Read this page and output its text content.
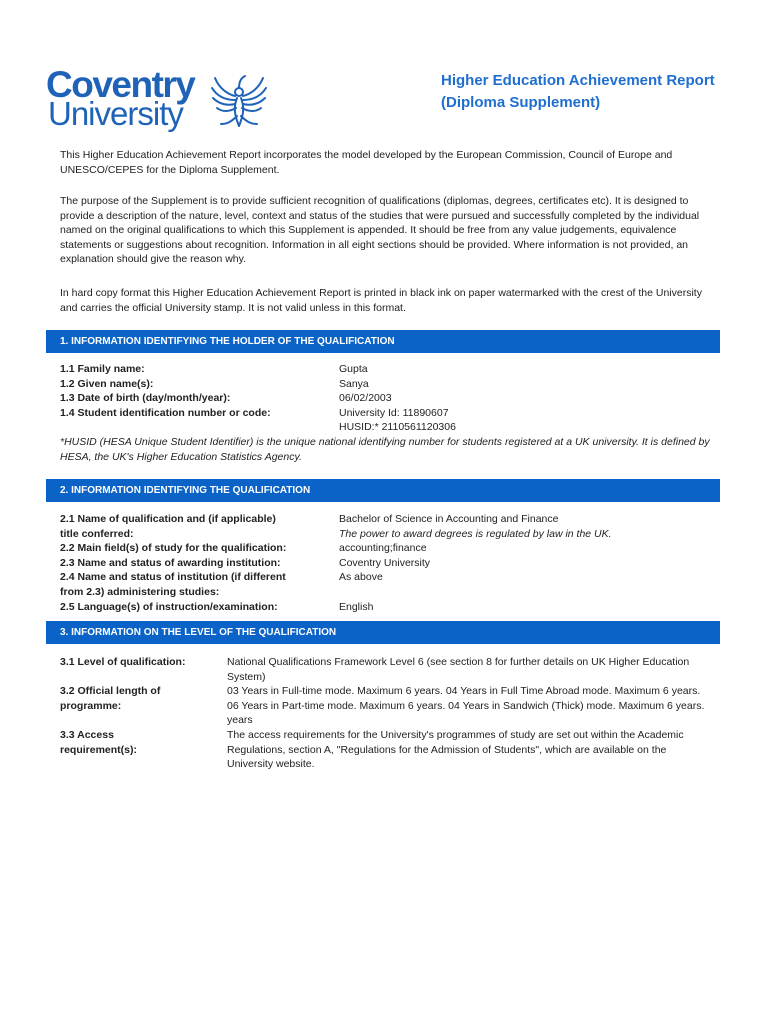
Coventry
University
Higher Education Achievement Report
(Diploma Supplement)

This Higher Education Achievement Report incorporates the model developed by the European Commission, Council of Europe and UNESCO/CEPES for the Diploma Supplement.

The purpose of the Supplement is to provide sufficient recognition of qualifications (diplomas, degrees, certificates etc). It is designed to provide a description of the nature, level, context and status of the studies that were pursued and successfully completed by the individual named on the original qualifications to which this Supplement is appended. It should be free from any value judgements, equivalence statements or suggestions about recognition. Information in all eight sections should be provided. Where information is not provided, an explanation should give the reason why.

In hard copy format this Higher Education Achievement Report is printed in black ink on paper watermarked with the crest of the University and carries the official University stamp. It is not valid unless in this format.

1. INFORMATION IDENTIFYING THE HOLDER OF THE QUALIFICATION
1.1 Family name:	Gupta
1.2 Given name(s):	Sanya
1.3 Date of birth (day/month/year):	06/02/2003
1.4 Student identification number or code:	University Id: 11890607
HUSID:* 2110561120306
*HUSID (HESA Unique Student Identifier) is the unique national identifying number for students registered at a UK university. It is defined by HESA, the UK's Higher Education Statistics Agency.
2. INFORMATION IDENTIFYING THE QUALIFICATION
2.1 Name of qualification and (if applicable)	Bachelor of Science in Accounting and Finance
title conferred:	The power to award degrees is regulated by law in the UK.
2.2 Main field(s) of study for the qualification:	accounting;finance
2.3 Name and status of awarding institution:	Coventry University
2.4 Name and status of institution (if different	As above
from 2.3) administering studies:
2.5 Language(s) of instruction/examination:	English
3. INFORMATION ON THE LEVEL OF THE QUALIFICATION
3.1 Level of qualification:	National Qualifications Framework Level 6 (see section 8 for further details on UK Higher Education System)
3.2 Official length of programme:
03 Years in Full-time mode. Maximum 6 years. 04 Years in Full Time Abroad mode. Maximum 6 years. 06 Years in Part-time mode. Maximum 6 years. 04 Years in Sandwich (Thick) mode. Maximum 6 years. years
3.3 Access requirement(s):
The access requirements for the University's programmes of study are set out within the Academic Regulations, section A, "Regulations for the Admission of Students", which are available on the University website.
